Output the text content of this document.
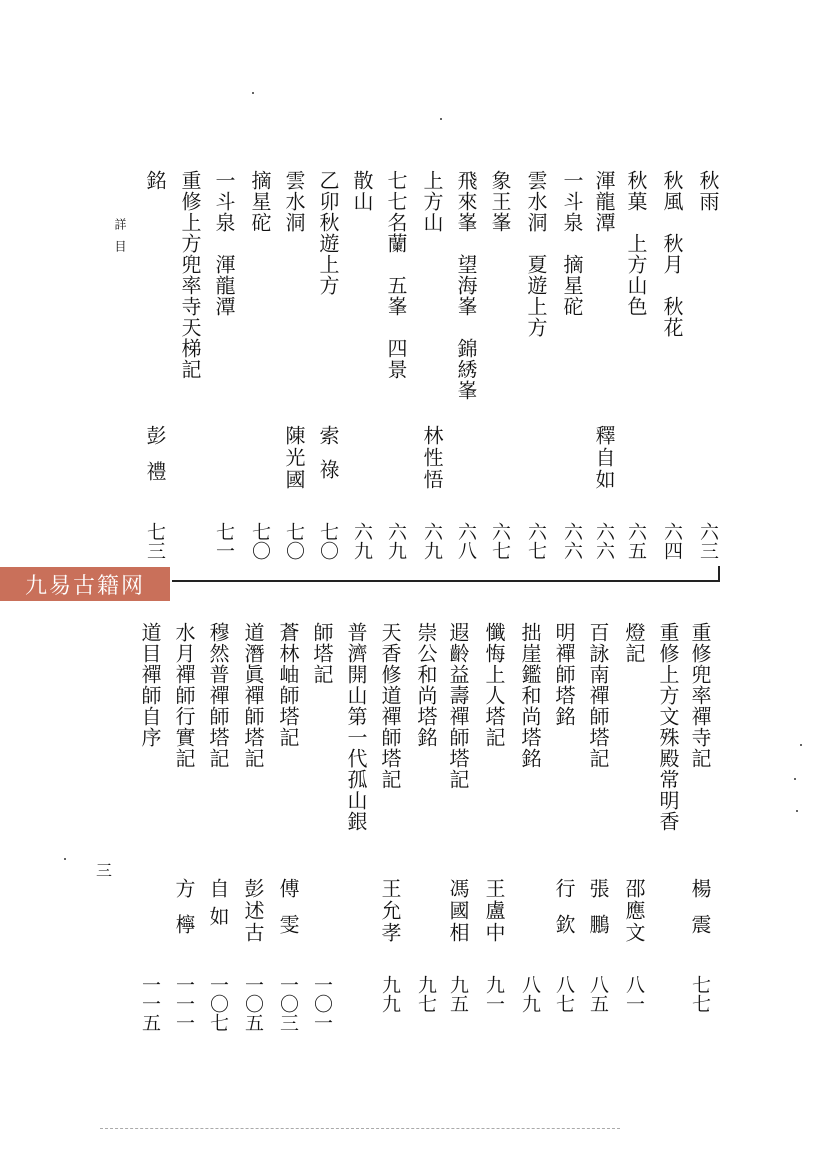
秋雨
秋風　秋月　秋花
秋菓　上方山色
渾龍潭
一斗泉　摘星砣
雲水洞　夏遊上方
象王峯
飛來峯　望海峯　錦綉峯
上方山
七七名蘭　五峯　四景
散山
乙卯秋遊上方
雲水洞
摘星砣
一斗泉　渾龍潭
重修上方兜率寺天梯記
銘
釋自如
林性悟
索祿
陳光國
彭禮
六三
六四
六五
六六
六六
六七
六七
六八
六九
六九
六九
七〇
七〇
七〇
七一
七三
詳目
九易古籍网
重修兜率禪寺記
重修上方文殊殿常明香
燈記
百詠南禪師塔記
明禪師塔銘
拙崖鑑和尚塔銘
懺悔上人塔記
遐齡益壽禪師塔記
崇公和尚塔銘
天香修道禪師塔記
普濟開山第一代孤山銀
師塔記
蒼林岫師塔記
道潛眞禪師塔記
穆然普禪師塔記
水月禪師行實記
道目禪師自序
楊震
邵應文
張鵬
行欽
王盧中
馮國相
王允孝
傅雯
彭述古
自如
方檸
七七
八一
八五
八七
八九
九一
九五
九七
九九
一〇一
一〇三
一〇五
一〇七
一一一
一一五
三
